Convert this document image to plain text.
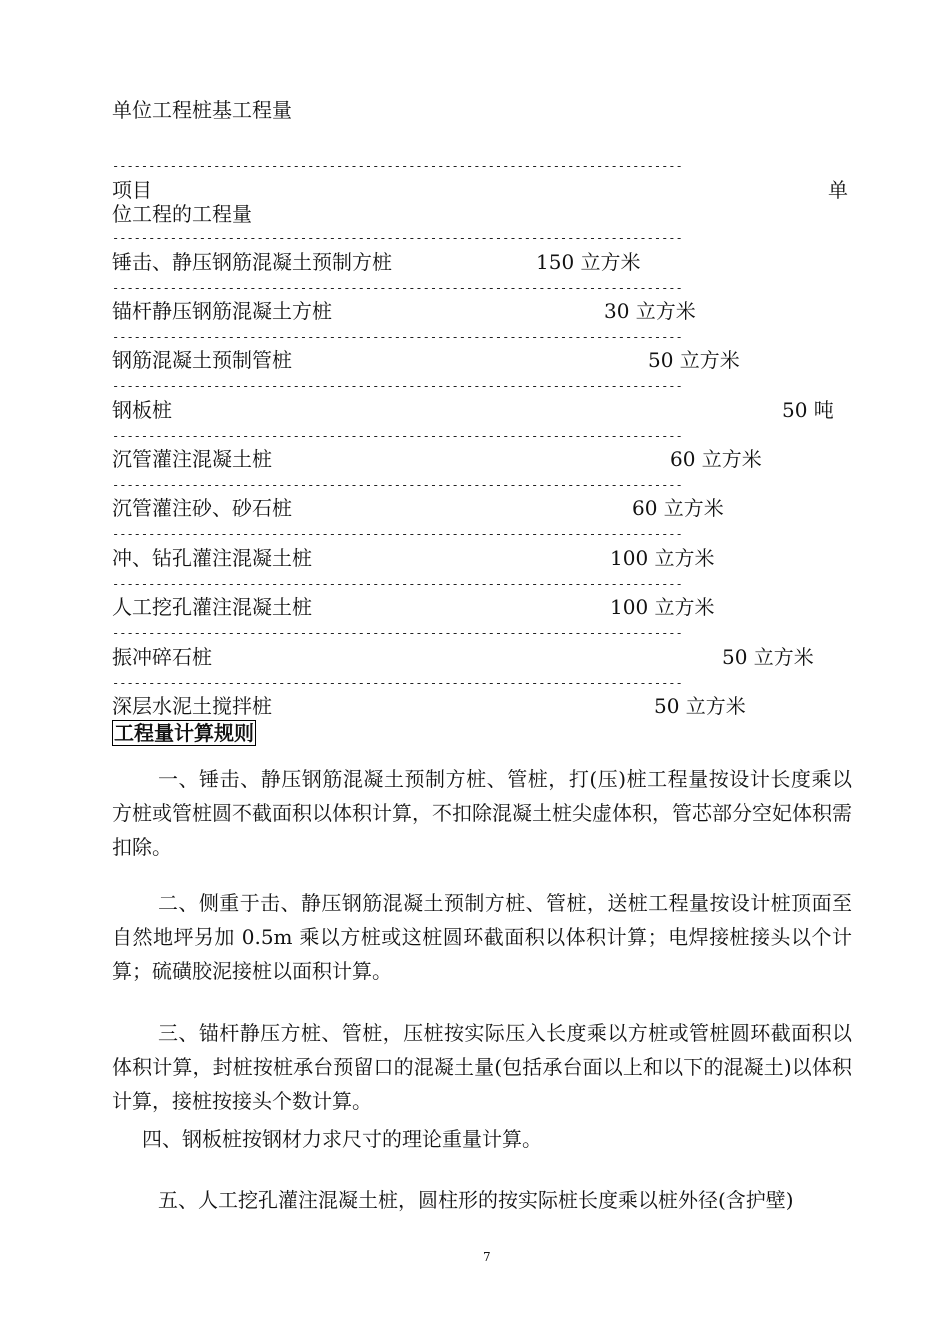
单位工程桩基工程量
-------------------------------------------------------------------------------
项目	单
位工程的工程量
-------------------------------------------------------------------------------
锤击、静压钢筋混凝土预制方桩	150 立方米
-------------------------------------------------------------------------------
锚杆静压钢筋混凝土方桩	30 立方米
-------------------------------------------------------------------------------
钢筋混凝土预制管桩	50 立方米
-------------------------------------------------------------------------------
钢板桩	50 吨
-------------------------------------------------------------------------------
沉管灌注混凝土桩	60 立方米
-------------------------------------------------------------------------------
沉管灌注砂、砂石桩	60 立方米
-------------------------------------------------------------------------------
冲、钻孔灌注混凝土桩	100 立方米
-------------------------------------------------------------------------------
人工挖孔灌注混凝土桩	100 立方米
-------------------------------------------------------------------------------
振冲碎石桩	50 立方米
-------------------------------------------------------------------------------
深层水泥土搅拌桩	50 立方米
工程量计算规则
一、锤击、静压钢筋混凝土预制方桩、管桩，打(压)桩工程量按设计长度乘以方桩或管桩圆不截面积以体积计算，不扣除混凝土桩尖虚体积，管芯部分空妃体积需扣除。
二、侧重于击、静压钢筋混凝土预制方桩、管桩，送桩工程量按设计桩顶面至自然地坪另加 0.5m 乘以方桩或这桩圆环截面积以体积计算；电焊接桩接头以个计算；硫磺胶泥接桩以面积计算。
三、锚杆静压方桩、管桩，压桩按实际压入长度乘以方桩或管桩圆环截面积以体积计算，封桩按桩承台预留口的混凝土量(包括承台面以上和以下的混凝土)以体积计算，接桩按接头个数计算。
四、钢板桩按钢材力求尺寸的理论重量计算。
五、人工挖孔灌注混凝土桩，圆柱形的按实际桩长度乘以桩外径(含护壁)
7
